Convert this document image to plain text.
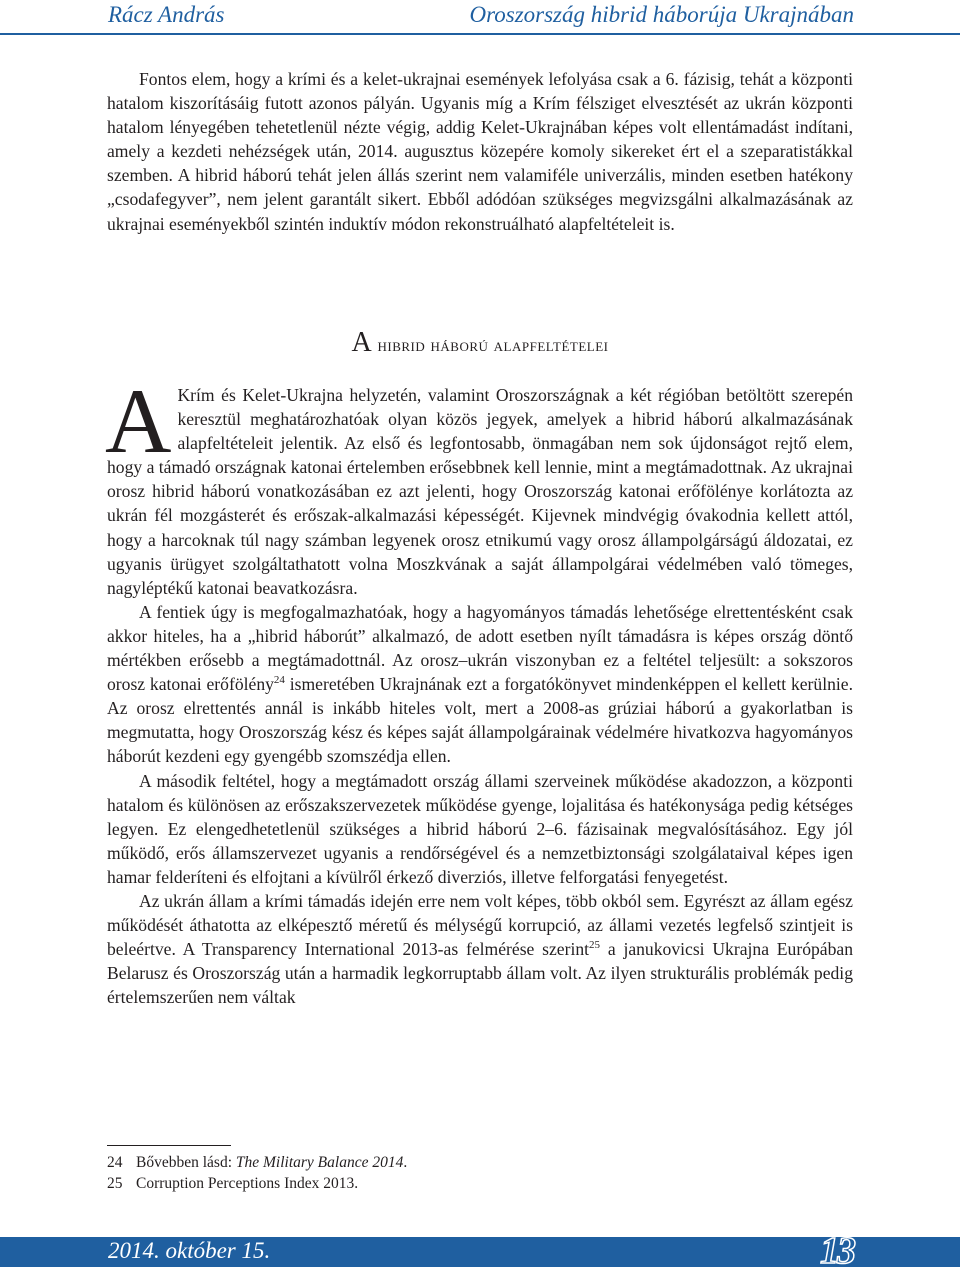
Rácz András	Oroszország hibrid háborúja Ukrajnában

Fontos elem, hogy a krími és a kelet-ukrajnai események lefolyása csak a 6. fázisig, tehát a központi hatalom kiszorításáig futott azonos pályán. Ugyanis míg a Krím félsziget elvesztését az ukrán központi hatalom lényegében tehetetlenül nézte végig, addig Kelet-Ukrajnában képes volt ellentámadást indítani, amely a kezdeti nehézségek után, 2014. augusztus közepére komoly sikereket ért el a szeparatistákkal szemben. A hibrid háború tehát jelen állás szerint nem valamiféle univerzális, minden esetben hatékony „csodafegyver”, nem jelent garantált sikert. Ebből adódóan szükséges megvizsgálni alkalmazásának az ukrajnai eseményekből szintén induktív módon rekonstruálható alapfeltételeit is.

A hibrid háború alapfeltételei

A Krím és Kelet-Ukrajna helyzetén, valamint Oroszországnak a két régióban betöltött szerepén keresztül meghatározhatóak olyan közös jegyek, amelyek a hibrid háború alkalmazásának alapfeltételeit jelentik. Az első és legfontosabb, önmagában nem sok újdonságot rejtő elem, hogy a támadó országnak katonai értelemben erősebbnek kell lennie, mint a megtámadottnak. Az ukrajnai orosz hibrid háború vonatkozásában ez azt jelenti, hogy Oroszország katonai erőfölénye korlátozta az ukrán fél mozgásterét és erőszak-alkalmazási képességét. Kijevnek mindvégig óvakodnia kellett attól, hogy a harcoknak túl nagy számban legyenek orosz etnikumú vagy orosz állampolgárságú áldozatai, ez ugyanis ürügyet szolgáltathatott volna Moszkvának a saját állampolgárai védelmében való tömeges, nagyléptékű katonai beavatkozásra.

A fentiek úgy is megfogalmazhatóak, hogy a hagyományos támadás lehetősége elrettentésként csak akkor hiteles, ha a „hibrid háborút” alkalmazó, de adott esetben nyílt támadásra is képes ország döntő mértékben erősebb a megtámadottnál. Az orosz–ukrán viszonyban ez a feltétel teljesült: a sokszoros orosz katonai erőfölény$^{24}$ ismeretében Ukrajnának ezt a forgatókönyvet mindenképpen el kellett kerülnie. Az orosz elrettentés annál is inkább hiteles volt, mert a 2008-as grúziai háború a gyakorlatban is megmutatta, hogy Oroszország kész és képes saját állampolgárainak védelmére hivatkozva hagyományos háborút kezdeni egy gyengébb szomszédja ellen.

A második feltétel, hogy a megtámadott ország állami szerveinek működése akadozzon, a központi hatalom és különösen az erőszakszervezetek működése gyenge, lojalitása és hatékonysága pedig kétséges legyen. Ez elengedhetetlenül szükséges a hibrid háború 2–6. fázisainak megvalósításához. Egy jól működő, erős államszervezet ugyanis a rendőrségével és a nemzetbiztonsági szolgálataival képes igen hamar felderíteni és elfojtani a kívülről érkező diverziós, illetve felforgatási fenyegetést.

Az ukrán állam a krími támadás idején erre nem volt képes, több okból sem. Egyrészt az állam egész működését áthatotta az elképesztő méretű és mélységű korrupció, az állami vezetés legfelső szintjeit is beleértve. A Transparency International 2013-as felmérése szerint$^{25}$ a janukovicsi Ukrajna Európában Belarusz és Oroszország után a harmadik legkorruptabb állam volt. Az ilyen strukturális problémák pedig értelemszerűen nem váltak

24 Bővebben lásd: The Military Balance 2014.
25 Corruption Perceptions Index 2013.
2014. október 15.	13
